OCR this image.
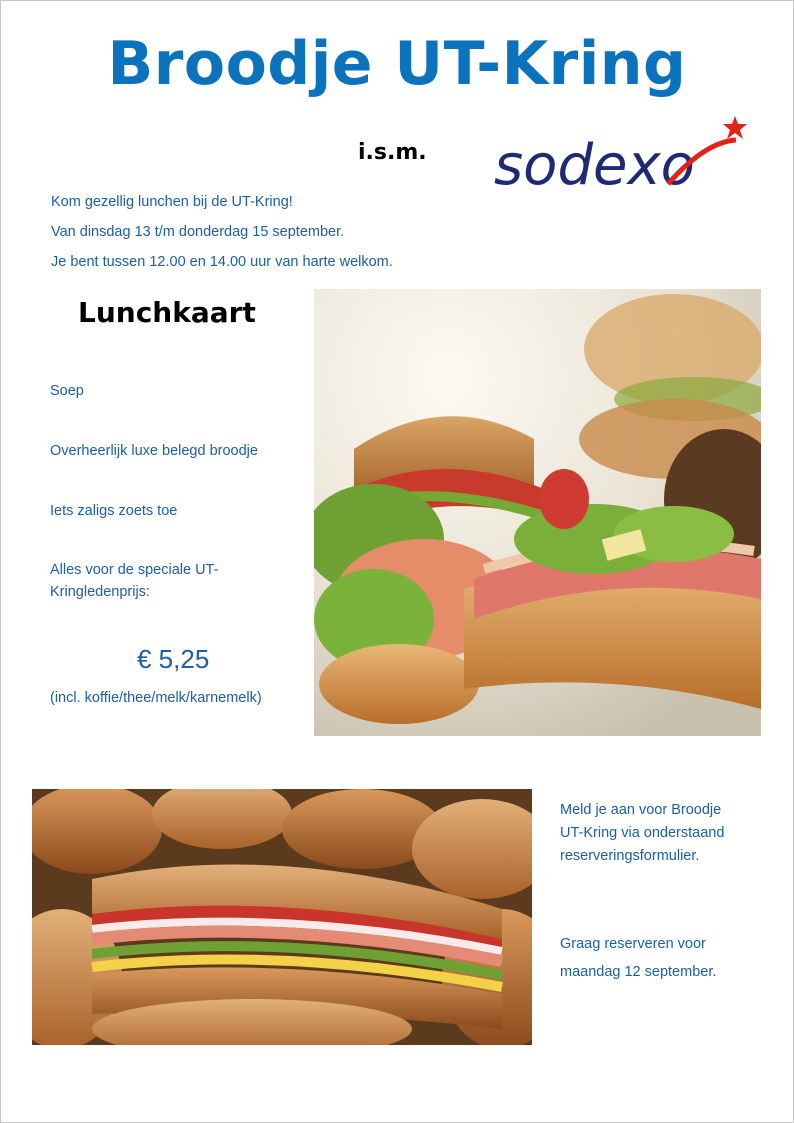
Broodje UT-Kring
i.s.m. sodexo
Kom gezellig lunchen bij de UT-Kring!
Van dinsdag 13 t/m donderdag 15 september.
Je bent tussen 12.00 en 14.00 uur van harte welkom.
Lunchkaart
Soep
Overheerlijk luxe belegd broodje
Iets zaligs zoets toe
Alles voor de speciale UT-
Kringledenprijs:
€ 5,25
(incl. koffie/thee/melk/karnemelk)
Meld je aan voor Broodje
UT-Kring via onderstaand
reserveringsformulier.
Graag reserveren voor
maandag 12 september.
